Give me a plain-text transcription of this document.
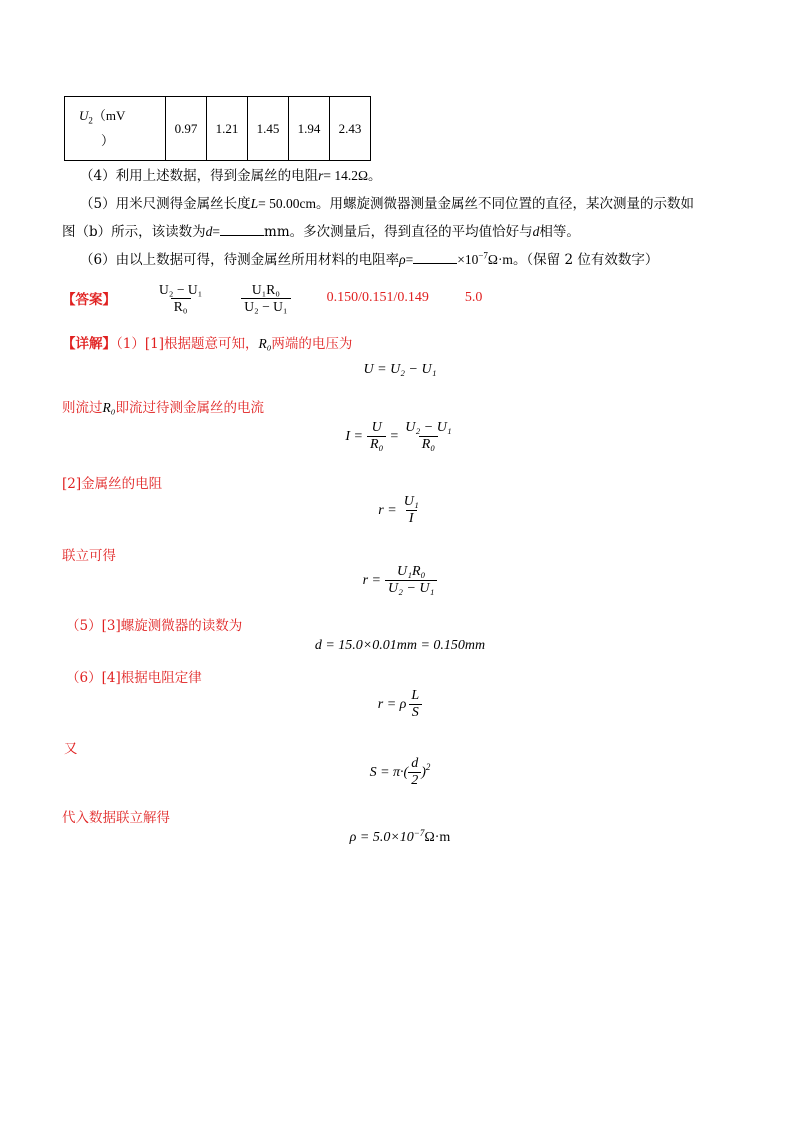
$U_2(mV$
）	0.97	1.21	1.45	1.94	2.43
（4）利用上述数据，得到金属丝的电阻r= 14.2Ω。
（5）用米尺测得金属丝长度L= 50.00cm。用螺旋测微器测量金属丝不同位置的直径，某次测量的示数如
图（b）所示，该读数为d=	mm。多次测量后，得到直径的平均值恰好与d相等。
（6）由以上数据可得，待测金属丝所用材料的电阻率ρ=	$\times 10^{-7}\Omega\cdot m$。（保留 2 位有效数字）
【答案】	$\frac{\text{U₂ − U₁}}{\text{R₀}}$	$\frac{\text{U₁R₀}}{\text{U₂ − U₁}}$	0.150/0.151/0.149	5.0
【详解】（1）[1]根据题意可知，R₀两端的电压为
U = U₂ − U₁
则流过R₀即流过待测金属丝的电流
$I = \frac{U}{\text{R₀}} = \frac{\text{U₂ − U₁}}{\text{R₀}}$
[2]金属丝的电阻
$r = \frac{\text{U₁}}{I}$
联立可得
$r = \frac{\text{U₁R₀}}{\text{U₂ − U₁}}$
（5）[3]螺旋测微器的读数为
d = 15.0×0.01mm = 0.150mm
（6）[4]根据电阻定律
r = ρ $\frac{L}{S}$
又
$S = \pi\cdot( \frac{d}{2} )^2$
代入数据联立解得
$\rho = 5.0\times 10^{-7}$ Ω·m
